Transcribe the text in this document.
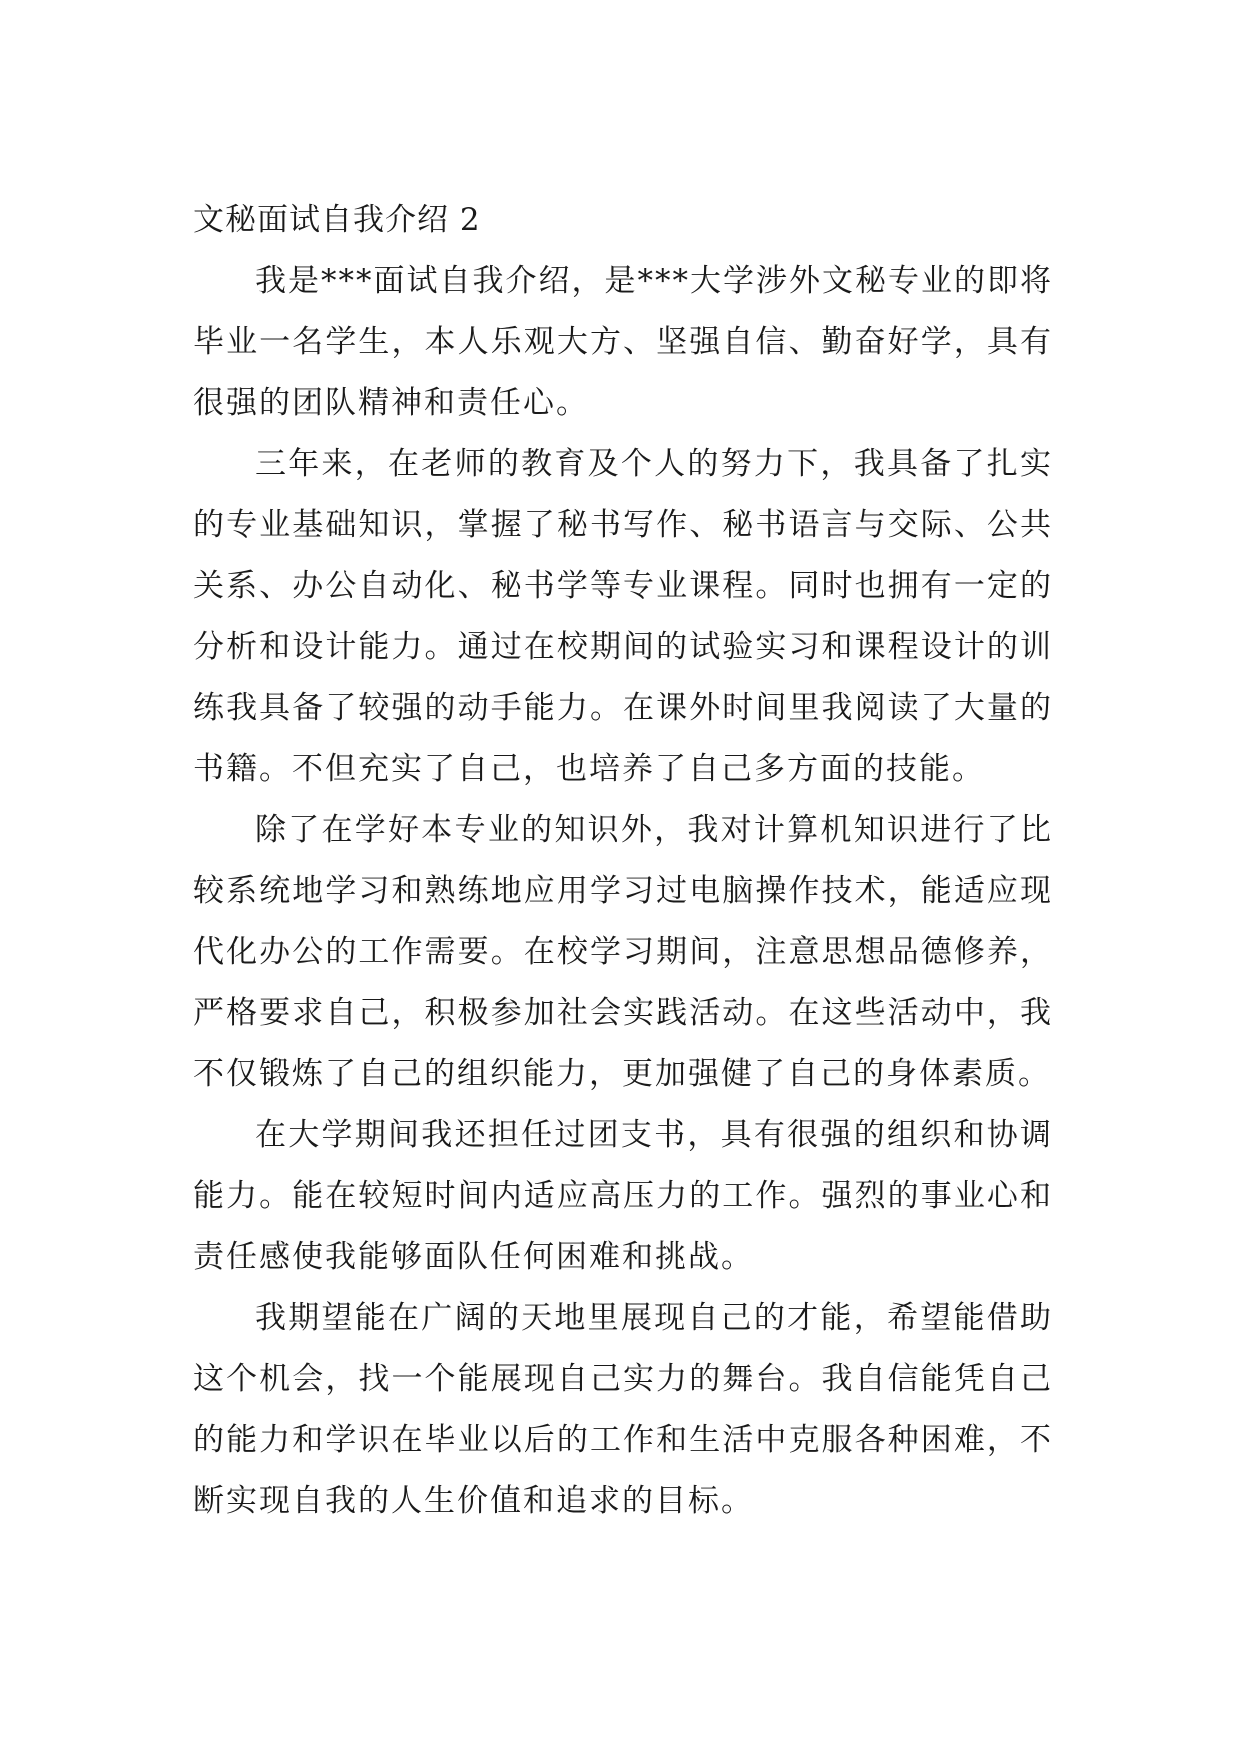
文秘面试自我介绍 2

我是***面试自我介绍，是***大学涉外文秘专业的即将毕业一名学生，本人乐观大方、坚强自信、勤奋好学，具有很强的团队精神和责任心。

三年来，在老师的教育及个人的努力下，我具备了扎实的专业基础知识，掌握了秘书写作、秘书语言与交际、公共关系、办公自动化、秘书学等专业课程。同时也拥有一定的分析和设计能力。通过在校期间的试验实习和课程设计的训练我具备了较强的动手能力。在课外时间里我阅读了大量的书籍。不但充实了自己，也培养了自己多方面的技能。

除了在学好本专业的知识外，我对计算机知识进行了比较系统地学习和熟练地应用学习过电脑操作技术，能适应现代化办公的工作需要。在校学习期间，注意思想品德修养，严格要求自己，积极参加社会实践活动。在这些活动中，我不仅锻炼了自己的组织能力，更加强健了自己的身体素质。

在大学期间我还担任过团支书，具有很强的组织和协调能力。能在较短时间内适应高压力的工作。强烈的事业心和责任感使我能够面队任何困难和挑战。

我期望能在广阔的天地里展现自己的才能，希望能借助这个机会，找一个能展现自己实力的舞台。我自信能凭自己的能力和学识在毕业以后的工作和生活中克服各种困难，不断实现自我的人生价值和追求的目标。
